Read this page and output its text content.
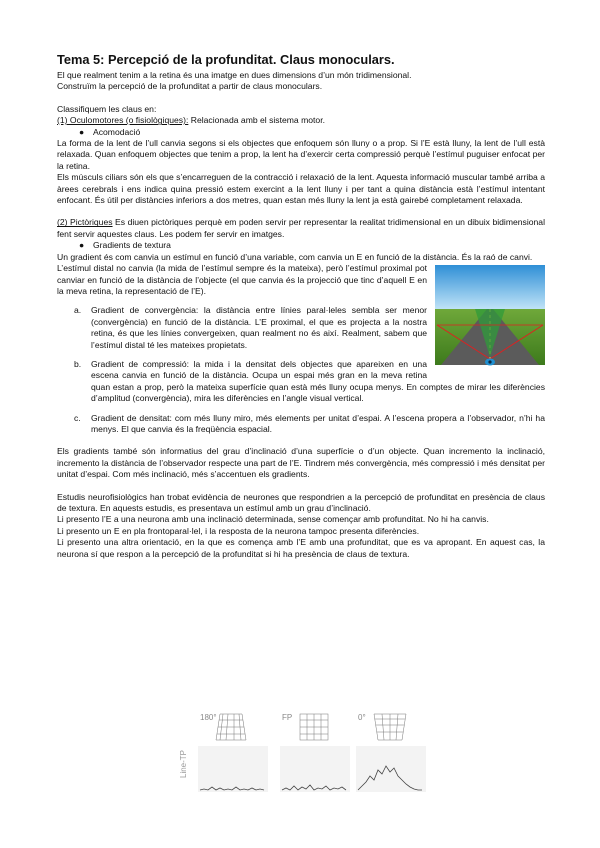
Tema 5: Percepció de la profunditat. Claus monoculars.

El que realment tenim a la retina és una imatge en dues dimensions d’un món tridimensional.

Construïm la percepció de la profunditat a partir de claus monoculars.

Classifiquem les claus en:

(1) Oculomotores (o fisiològiques): Relacionada amb el sistema motor.

● Acomodació

La forma de la lent de l’ull canvia segons si els objectes que enfoquem són lluny o a prop. Si l’E està lluny, la lent de l’ull està relaxada. Quan enfoquem objectes que tenim a prop, la lent ha d’exercir certa compressió perquè l’estímul puguiser enfocat per la retina.

Els músculs ciliars són els que s’encarreguen de la contracció i relaxació de la lent. Aquesta informació muscular també arriba a àrees cerebrals i ens indica quina pressió estem exercint a la lent lluny i per tant a quina distància està l’estímul intentant enfocant. És útil per distàncies inferiors a dos metres, quan estan més lluny la lent ja està gairebé completament relaxada.

(2) Pictòriques Es diuen pictòriques perquè em poden servir per representar la realitat tridimensional en un dibuix bidimensional fent servir aquestes claus. Les podem fer servir en imatges.

● Gradients de textura

Un gradient és com canvia un estímul en funció d’una variable, com canvia un E en funció de la distància. És la raó de canvi.

L’estímul distal no canvia (la mida de l’estímul sempre és la mateixa), però l’estímul proximal pot canviar en funció de la distància de l’objecte (el que canvia és la projecció que tinc d’aquell E en la meva retina, la representació de l’E).

a. Gradient de convergència: la distància entre línies paral·leles sembla ser menor (convergència) en funció de la distància. L’E proximal, el que es projecta a la nostra retina, és que les línies convergeixen, quan realment no és així. Realment, sabem que l’estímul distal té les mateixes propietats.

b. Gradient de compressió: la mida i la densitat dels objectes que apareixen en una escena canvia en funció de la distància. Ocupa un espai més gran en la meva retina quan estan a prop, però la mateixa superfície quan està més lluny ocupa menys. En comptes de mirar les diferències d’amplitud (convergència), mira les diferències en l’angle visual vertical.

c. Gradient de densitat: com més lluny miro, més elements per unitat d’espai. A l’escena propera a l’observador, n’hi ha menys. El que canvia és la freqüència espacial.

Els gradients també són informatius del grau d’inclinació d’una superfície o d’un objecte. Quan incremento la inclinació, incremento la distància de l’observador respecte una part de l’E. Tindrem més convergència, més compressió i més densitat per unitat d’espai. Com més inclinació, més s’accentuen els gradients.

Estudis neurofisiològics han trobat evidència de neurones que respondrien a la percepció de profunditat en presència de claus de textura. En aquests estudis, es presentava un estímul amb un grau d’inclinació.

Li presento l’E a una neurona amb una inclinació determinada, sense començar amb profunditat. No hi ha canvis.

Li presento un E en pla frontoparal·lel, i la resposta de la neurona tampoc presenta diferències.

Li presento una altra orientació, en la que es comença amb l’E amb una profunditat, que es va apropant. En aquest cas, la neurona sí que respon a la percepció de la profunditat si hi ha presència de claus de textura.

Line-TP
180°	FP	0°
